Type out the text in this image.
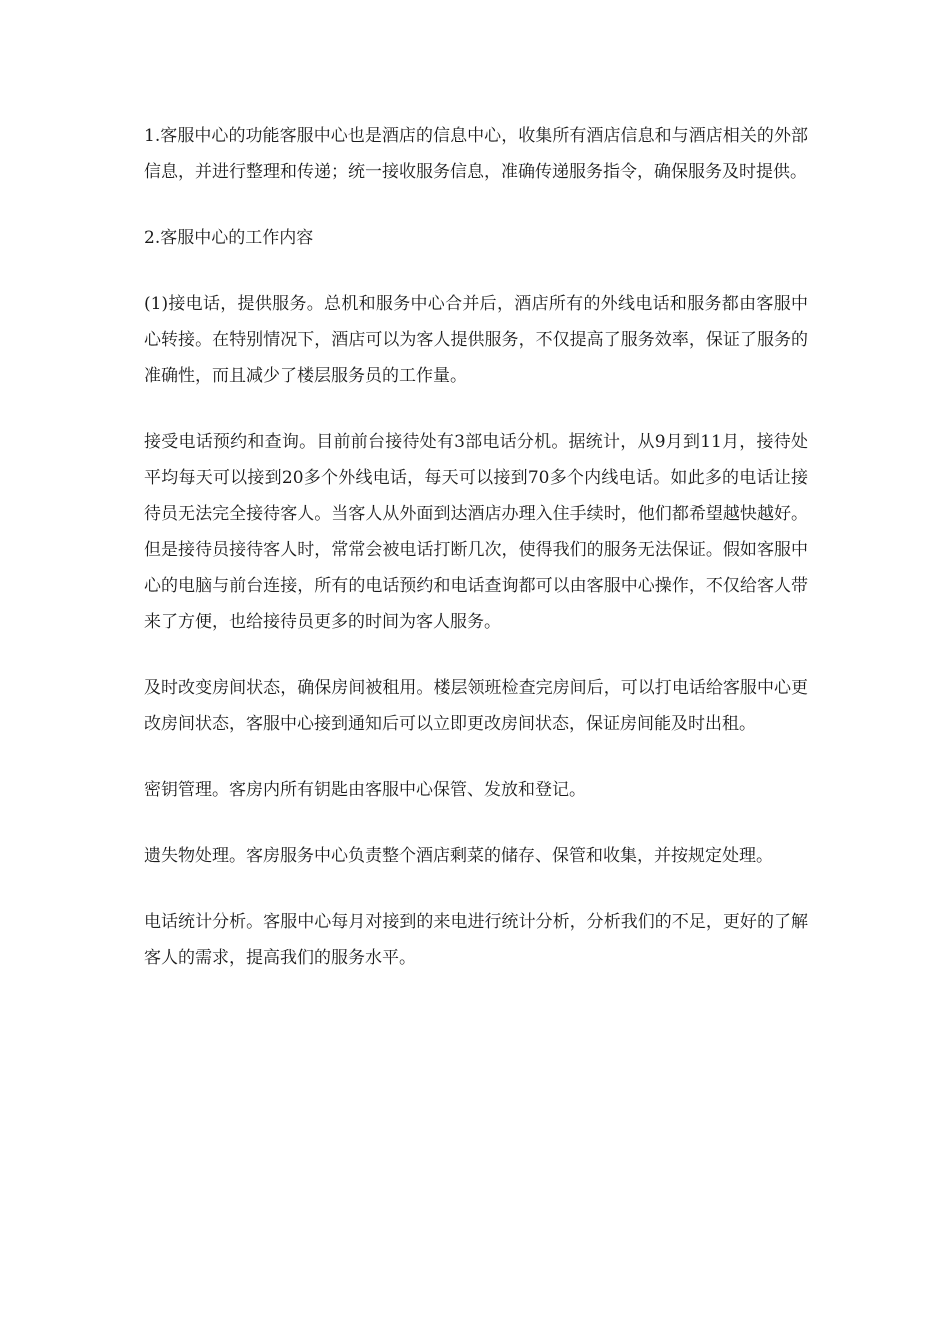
1.客服中心的功能客服中心也是酒店的信息中心，收集所有酒店信息和与酒店相关的外部信息，并进行整理和传递；统一接收服务信息，准确传递服务指令，确保服务及时提供。

2.客服中心的工作内容

(1)接电话，提供服务。总机和服务中心合并后，酒店所有的外线电话和服务都由客服中心转接。在特别情况下，酒店可以为客人提供服务，不仅提高了服务效率，保证了服务的准确性，而且减少了楼层服务员的工作量。

接受电话预约和查询。目前前台接待处有3部电话分机。据统计，从9月到11月，接待处平均每天可以接到20多个外线电话，每天可以接到70多个内线电话。如此多的电话让接待员无法完全接待客人。当客人从外面到达酒店办理入住手续时，他们都希望越快越好。但是接待员接待客人时，常常会被电话打断几次，使得我们的服务无法保证。假如客服中心的电脑与前台连接，所有的电话预约和电话查询都可以由客服中心操作，不仅给客人带来了方便，也给接待员更多的时间为客人服务。

及时改变房间状态，确保房间被租用。楼层领班检查完房间后，可以打电话给客服中心更改房间状态，客服中心接到通知后可以立即更改房间状态，保证房间能及时出租。

密钥管理。客房内所有钥匙由客服中心保管、发放和登记。

遗失物处理。客房服务中心负责整个酒店剩菜的储存、保管和收集，并按规定处理。

电话统计分析。客服中心每月对接到的来电进行统计分析，分析我们的不足，更好的了解客人的需求，提高我们的服务水平。
